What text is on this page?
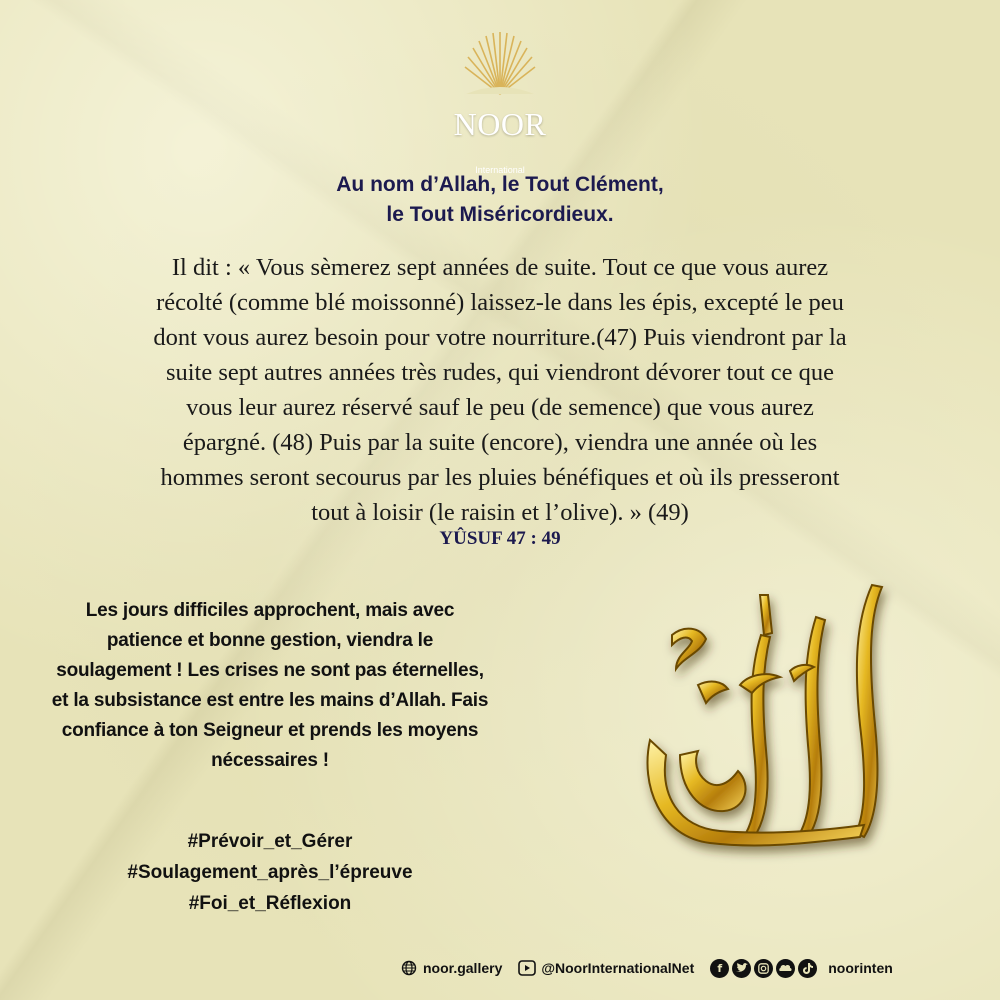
NOOR
International
Au nom d’Allah, le Tout Clément,
le Tout Miséricordieux.
Il dit : « Vous sèmerez sept années de suite. Tout ce que vous aurez
récolté (comme blé moissonné) laissez-le dans les épis, excepté le peu
dont vous aurez besoin pour votre nourriture.(47) Puis viendront par la
suite sept autres années très rudes, qui viendront dévorer tout ce que
vous leur aurez réservé sauf le peu (de semence) que vous aurez
épargné. (48) Puis par la suite (encore), viendra une année où les
hommes seront secourus par les pluies bénéfiques et où ils presseront
tout à loisir (le raisin et l’olive). » (49)
YÛSUF 47 : 49
Les jours difficiles approchent, mais avec
patience et bonne gestion, viendra le
soulagement ! Les crises ne sont pas éternelles,
et la subsistance est entre les mains d’Allah. Fais
confiance à ton Seigneur et prends les moyens
nécessaires !
#Prévoir_et_Gérer
#Soulagement_après_l’épreuve
#Foi_et_Réflexion
noor.gallery	@NoorInternationalNet	f	noorinten
